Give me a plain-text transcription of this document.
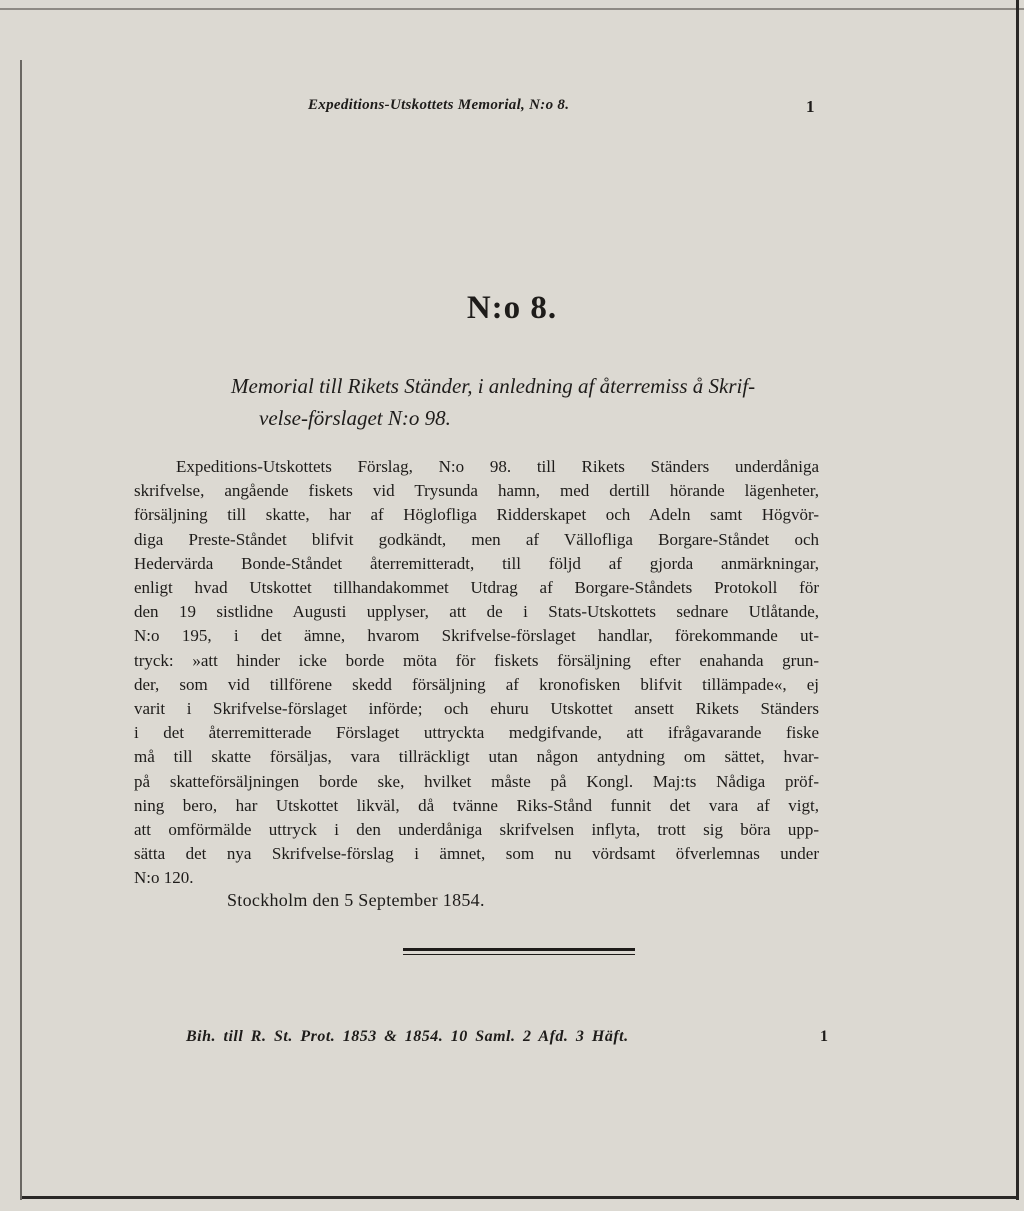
Expeditions-Utskottets Memorial, N:o 8.	1
N:o 8.
Memorial till Rikets Ständer, i anledning af återremiss å Skrif-
velse-förslaget N:o 98.
Expeditions-Utskottets Förslag, N:o 98. till Rikets Ständers underdåniga
skrifvelse, angående fiskets vid Trysunda hamn, med dertill hörande lägenheter,
försäljning till skatte, har af Höglofliga Ridderskapet och Adeln samt Högvör-
diga Preste-Ståndet blifvit godkändt, men af Vällofliga Borgare-Ståndet och
Hedervärda Bonde-Ståndet återremitteradt, till följd af gjorda anmärkningar,
enligt hvad Utskottet tillhandakommet Utdrag af Borgare-Ståndets Protokoll för
den 19 sistlidne Augusti upplyser, att de i Stats-Utskottets sednare Utlåtande,
N:o 195, i det ämne, hvarom Skrifvelse-förslaget handlar, förekommande ut-
tryck: »att hinder icke borde möta för fiskets försäljning efter enahanda grun-
der, som vid tillförene skedd försäljning af kronofisken blifvit tillämpade«, ej
varit i Skrifvelse-förslaget införde; och ehuru Utskottet ansett Rikets Ständers
i det återremitterade Förslaget uttryckta medgifvande, att ifrågavarande fiske
må till skatte försäljas, vara tillräckligt utan någon antydning om sättet, hvar-
på skatteförsäljningen borde ske, hvilket måste på Kongl. Maj:ts Nådiga pröf-
ning bero, har Utskottet likväl, då tvänne Riks-Stånd funnit det vara af vigt,
att omförmälde uttryck i den underdåniga skrifvelsen inflyta, trott sig böra upp-
sätta det nya Skrifvelse-förslag i ämnet, som nu vördsamt öfverlemnas under
N:o 120.
Stockholm den 5 September 1854.
Bih. till R. St. Prot. 1853 & 1854. 10 Saml. 2 Afd. 3 Häft.	1
